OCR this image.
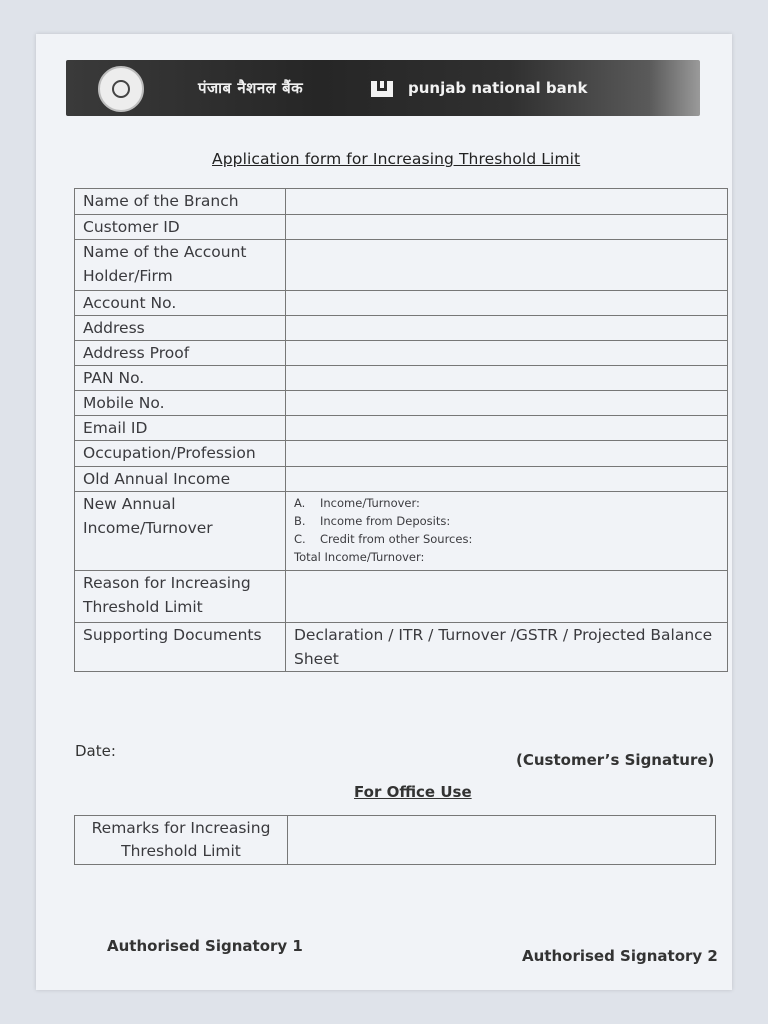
पंजाब नैशनल बैंक	punjab national bank
Application form for Increasing Threshold Limit
Name of the Branch	
Customer ID	
Name of the Account Holder/Firm	
Account No.	
Address	
Address Proof	
PAN No.	
Mobile No.	
Email ID	
Occupation/Profession	
Old Annual Income	
New Annual Income/Turnover	A. Income/Turnover:
B. Income from Deposits:
C. Credit from other Sources:
Total Income/Turnover:

Reason for Increasing Threshold Limit	
Supporting Documents	Declaration / ITR / Turnover /GSTR / Projected Balance Sheet
Date:	(Customer’s Signature)
For Office Use
Remarks for Increasing Threshold Limit	
Authorised Signatory 1
Authorised Signatory 2
